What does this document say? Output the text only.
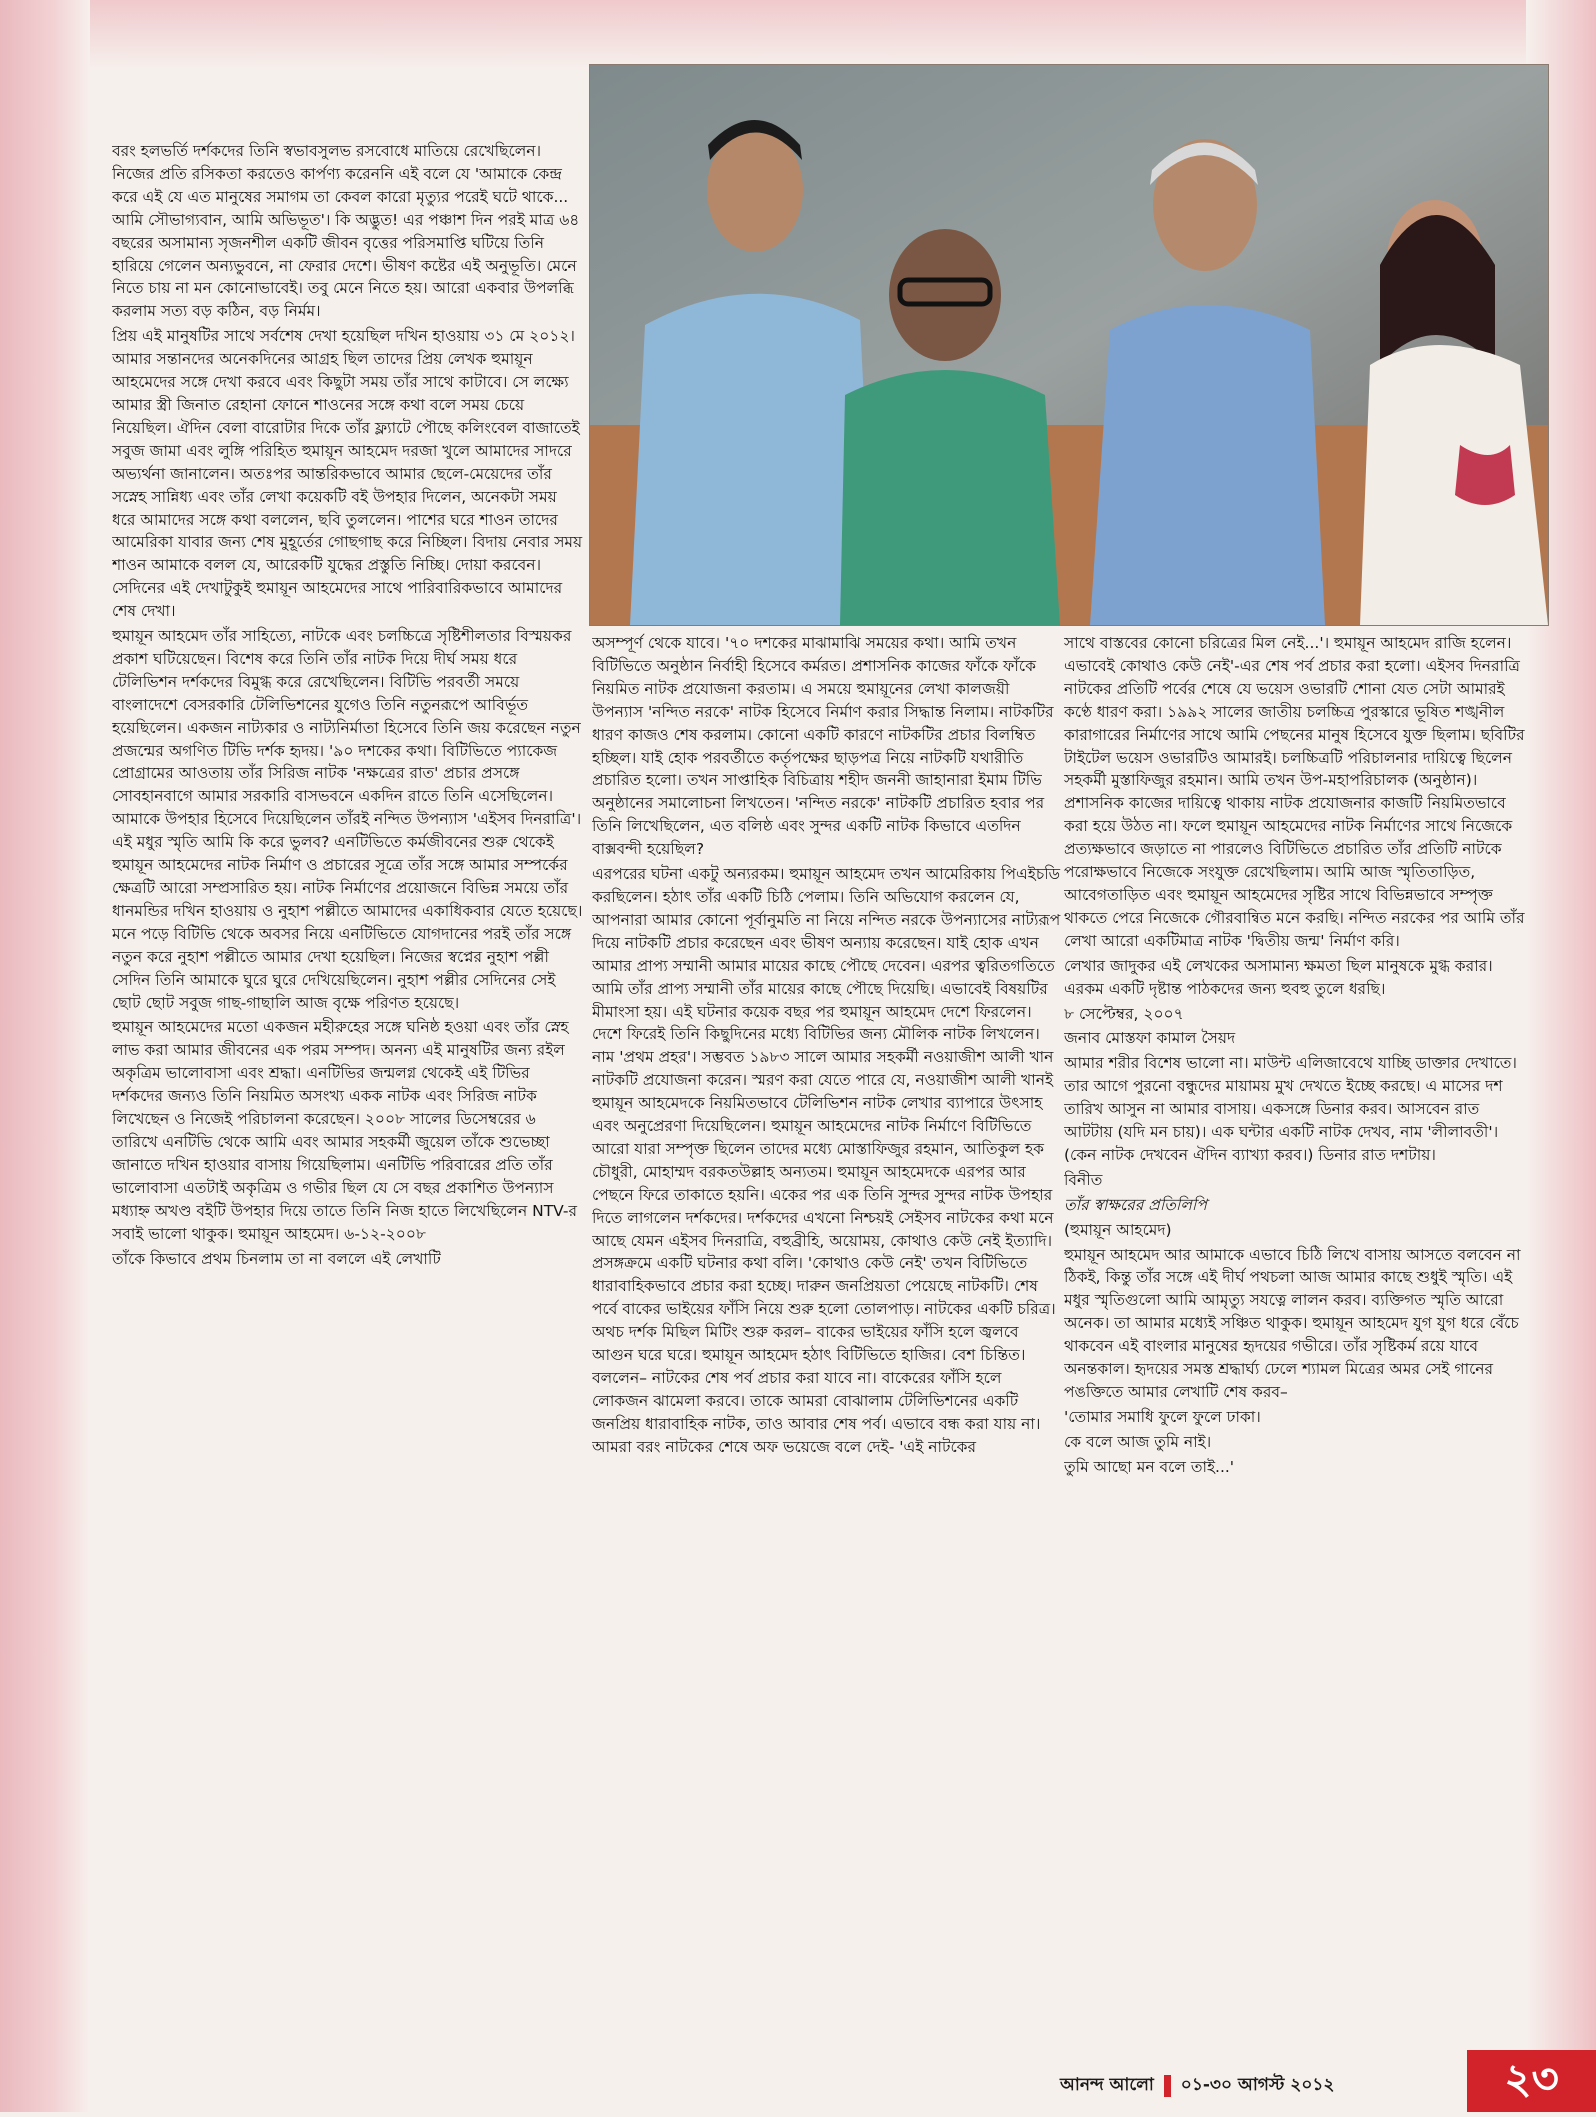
বরং হলভর্তি দর্শকদের তিনি স্বভাবসুলভ রসবোধে মাতিয়ে রেখেছিলেন। নিজের প্রতি রসিকতা করতেও কার্পণ্য করেননি এই বলে যে 'আমাকে কেন্দ্র করে এই যে এত মানুষের সমাগম তা কেবল কারো মৃত্যুর পরেই ঘটে থাকে... আমি সৌভাগ্যবান, আমি অভিভূত'। কি অদ্ভুত! এর পঞ্চাশ দিন পরই মাত্র ৬৪ বছরের অসামান্য সৃজনশীল একটি জীবন বৃত্তের পরিসমাপ্তি ঘটিয়ে তিনি হারিয়ে গেলেন অন্যভুবনে, না ফেরার দেশে। ভীষণ কষ্টের এই অনুভূতি। মেনে নিতে চায় না মন কোনোভাবেই। তবু মেনে নিতে হয়। আরো একবার উপলব্ধি করলাম সত্য বড় কঠিন, বড় নির্মম।

প্রিয় এই মানুষটির সাথে সর্বশেষ দেখা হয়েছিল দখিন হাওয়ায় ৩১ মে ২০১২। আমার সন্তানদের অনেকদিনের আগ্রহ ছিল তাদের প্রিয় লেখক হুমায়ূন আহমেদের সঙ্গে দেখা করবে এবং কিছুটা সময় তাঁর সাথে কাটাবে। সে লক্ষ্যে আমার স্ত্রী জিনাত রেহানা ফোনে শাওনের সঙ্গে কথা বলে সময় চেয়ে নিয়েছিল। ঐদিন বেলা বারোটার দিকে তাঁর ফ্ল্যাটে পৌছে কলিংবেল বাজাতেই সবুজ জামা এবং লুঙ্গি পরিহিত হুমায়ূন আহমেদ দরজা খুলে আমাদের সাদরে অভ্যর্থনা জানালেন। অতঃপর আন্তরিকভাবে আমার ছেলে-মেয়েদের তাঁর সস্নেহ সান্নিধ্য এবং তাঁর লেখা কয়েকটি বই উপহার দিলেন, অনেকটা সময় ধরে আমাদের সঙ্গে কথা বললেন, ছবি তুললেন। পাশের ঘরে শাওন তাদের আমেরিকা যাবার জন্য শেষ মুহূর্তের গোছগাছ করে নিচ্ছিল। বিদায় নেবার সময় শাওন আমাকে বলল যে, আরেকটি যুদ্ধের প্রস্তুতি নিচ্ছি। দোয়া করবেন। সেদিনের এই দেখাটুকুই হুমায়ূন আহমেদের সাথে পারিবারিকভাবে আমাদের শেষ দেখা।

হুমায়ূন আহমেদ তাঁর সাহিত্যে, নাটকে এবং চলচ্চিত্রে সৃষ্টিশীলতার বিস্ময়কর প্রকাশ ঘটিয়েছেন। বিশেষ করে তিনি তাঁর নাটক দিয়ে দীর্ঘ সময় ধরে টেলিভিশন দর্শকদের বিমুগ্ধ করে রেখেছিলেন। বিটিভি পরবর্তী সময়ে বাংলাদেশে বেসরকারি টেলিভিশনের যুগেও তিনি নতুনরূপে আবির্ভূত হয়েছিলেন। একজন নাট্যকার ও নাট্যনির্মাতা হিসেবে তিনি জয় করেছেন নতুন প্রজন্মের অগণিত টিভি দর্শক হৃদয়। '৯০ দশকের কথা। বিটিভিতে প্যাকেজ প্রোগ্রামের আওতায় তাঁর সিরিজ নাটক 'নক্ষত্রের রাত' প্রচার প্রসঙ্গে সোবহানবাগে আমার সরকারি বাসভবনে একদিন রাতে তিনি এসেছিলেন। আমাকে উপহার হিসেবে দিয়েছিলেন তাঁরই নন্দিত উপন্যাস 'এইসব দিনরাত্রি'। এই মধুর স্মৃতি আমি কি করে ভুলব? এনটিভিতে কর্মজীবনের শুরু থেকেই হুমায়ূন আহমেদের নাটক নির্মাণ ও প্রচারের সূত্রে তাঁর সঙ্গে আমার সম্পর্কের ক্ষেত্রটি আরো সম্প্রসারিত হয়। নাটক নির্মাণের প্রয়োজনে বিভিন্ন সময়ে তাঁর ধানমন্ডির দখিন হাওয়ায় ও নুহাশ পল্লীতে আমাদের একাধিকবার যেতে হয়েছে। মনে পড়ে বিটিভি থেকে অবসর নিয়ে এনটিভিতে যোগদানের পরই তাঁর সঙ্গে নতুন করে নুহাশ পল্লীতে আমার দেখা হয়েছিল। নিজের স্বপ্নের নুহাশ পল্লী সেদিন তিনি আমাকে ঘুরে ঘুরে দেখিয়েছিলেন। নুহাশ পল্লীর সেদিনের সেই ছোট ছোট সবুজ গাছ-গাছালি আজ বৃক্ষে পরিণত হয়েছে।

হুমায়ূন আহমেদের মতো একজন মহীরুহের সঙ্গে ঘনিষ্ঠ হওয়া এবং তাঁর স্নেহ লাভ করা আমার জীবনের এক পরম সম্পদ। অনন্য এই মানুষটির জন্য রইল অকৃত্রিম ভালোবাসা এবং শ্রদ্ধা। এনটিভির জন্মলগ্ন থেকেই এই টিভির দর্শকদের জন্যও তিনি নিয়মিত অসংখ্য একক নাটক এবং সিরিজ নাটক লিখেছেন ও নিজেই পরিচালনা করেছেন। ২০০৮ সালের ডিসেম্বরের ৬ তারিখে এনটিভি থেকে আমি এবং আমার সহকর্মী জুয়েল তাঁকে শুভেচ্ছা জানাতে দখিন হাওয়ার বাসায় গিয়েছিলাম। এনটিভি পরিবারের প্রতি তাঁর ভালোবাসা এতটাই অকৃত্রিম ও গভীর ছিল যে সে বছর প্রকাশিত উপন্যাস মধ্যাহ্ন অখণ্ড বইটি উপহার দিয়ে তাতে তিনি নিজ হাতে লিখেছিলেন NTV-র সবাই ভালো থাকুক। হুমায়ূন আহমেদ। ৬-১২-২০০৮

তাঁকে কিভাবে প্রথম চিনলাম তা না বললে এই লেখাটি

অসম্পূর্ণ থেকে যাবে। '৭০ দশকের মাঝামাঝি সময়ের কথা। আমি তখন বিটিভিতে অনুষ্ঠান নির্বাহী হিসেবে কর্মরত। প্রশাসনিক কাজের ফাঁকে ফাঁকে নিয়মিত নাটক প্রযোজনা করতাম। এ সময়ে হুমায়ূনের লেখা কালজয়ী উপন্যাস 'নন্দিত নরকে' নাটক হিসেবে নির্মাণ করার সিদ্ধান্ত নিলাম। নাটকটির ধারণ কাজও শেষ করলাম। কোনো একটি কারণে নাটকটির প্রচার বিলম্বিত হচ্ছিল। যাই হোক পরবর্তীতে কর্তৃপক্ষের ছাড়পত্র নিয়ে নাটকটি যথারীতি প্রচারিত হলো। তখন সাপ্তাহিক বিচিত্রায় শহীদ জননী জাহানারা ইমাম টিভি অনুষ্ঠানের সমালোচনা লিখতেন। 'নন্দিত নরকে' নাটকটি প্রচারিত হবার পর তিনি লিখেছিলেন, এত বলিষ্ঠ এবং সুন্দর একটি নাটক কিভাবে এতদিন বাক্সবন্দী হয়েছিল?

এরপরের ঘটনা একটু অন্যরকম। হুমায়ূন আহমেদ তখন আমেরিকায় পিএইচডি করছিলেন। হঠাৎ তাঁর একটি চিঠি পেলাম। তিনি অভিযোগ করলেন যে, আপনারা আমার কোনো পূর্বানুমতি না নিয়ে নন্দিত নরকে উপন্যাসের নাট্যরূপ দিয়ে নাটকটি প্রচার করেছেন এবং ভীষণ অন্যায় করেছেন। যাই হোক এখন আমার প্রাপ্য সম্মানী আমার মায়ের কাছে পৌছে দেবেন। এরপর ত্বরিতগতিতে আমি তাঁর প্রাপ্য সম্মানী তাঁর মায়ের কাছে পৌছে দিয়েছি। এভাবেই বিষয়টির মীমাংসা হয়। এই ঘটনার কয়েক বছর পর হুমায়ূন আহমেদ দেশে ফিরলেন। দেশে ফিরেই তিনি কিছুদিনের মধ্যে বিটিভির জন্য মৌলিক নাটক লিখলেন। নাম 'প্রথম প্রহর'। সম্ভবত ১৯৮৩ সালে আমার সহকর্মী নওয়াজীশ আলী খান নাটকটি প্রযোজনা করেন। স্মরণ করা যেতে পারে যে, নওয়াজীশ আলী খানই হুমায়ূন আহমেদকে নিয়মিতভাবে টেলিভিশন নাটক লেখার ব্যাপারে উৎসাহ এবং অনুপ্রেরণা দিয়েছিলেন। হুমায়ূন আহমেদের নাটক নির্মাণে বিটিভিতে আরো যারা সম্পৃক্ত ছিলেন তাদের মধ্যে মোস্তাফিজুর রহমান, আতিকুল হক চৌধুরী, মোহাম্মদ বরকতউল্লাহ অন্যতম। হুমায়ূন আহমেদকে এরপর আর পেছনে ফিরে তাকাতে হয়নি। একের পর এক তিনি সুন্দর সুন্দর নাটক উপহার দিতে লাগলেন দর্শকদের। দর্শকদের এখনো নিশ্চয়ই সেইসব নাটকের কথা মনে আছে যেমন এইসব দিনরাত্রি, বহুব্রীহি, অয়োময়, কোথাও কেউ নেই ইত্যাদি। প্রসঙ্গক্রমে একটি ঘটনার কথা বলি। 'কোথাও কেউ নেই' তখন বিটিভিতে ধারাবাহিকভাবে প্রচার করা হচ্ছে। দারুন জনপ্রিয়তা পেয়েছে নাটকটি। শেষ পর্বে বাকের ভাইয়ের ফাঁসি নিয়ে শুরু হলো তোলপাড়। নাটকের একটি চরিত্র। অথচ দর্শক মিছিল মিটিং শুরু করল– বাকের ভাইয়ের ফাঁসি হলে জ্বলবে আগুন ঘরে ঘরে। হুমায়ূন আহমেদ হঠাৎ বিটিভিতে হাজির। বেশ চিন্তিত। বললেন– নাটকের শেষ পর্ব প্রচার করা যাবে না। বাকেরের ফাঁসি হলে লোকজন ঝামেলা করবে। তাকে আমরা বোঝালাম টেলিভিশনের একটি জনপ্রিয় ধারাবাহিক নাটক, তাও আবার শেষ পর্ব। এভাবে বন্ধ করা যায় না। আমরা বরং নাটকের শেষে অফ ভয়েজে বলে দেই- 'এই নাটকের

সাথে বাস্তবের কোনো চরিত্রের মিল নেই...'। হুমায়ূন আহমেদ রাজি হলেন। এভাবেই কোথাও কেউ নেই'-এর শেষ পর্ব প্রচার করা হলো। এইসব দিনরাত্রি নাটকের প্রতিটি পর্বের শেষে যে ভয়েস ওভারটি শোনা যেত সেটা আমারই কণ্ঠে ধারণ করা। ১৯৯২ সালের জাতীয় চলচ্চিত্র পুরস্কারে ভূষিত শঙ্খনীল কারাগারের নির্মাণের সাথে আমি পেছনের মানুষ হিসেবে যুক্ত ছিলাম। ছবিটির টাইটেল ভয়েস ওভারটিও আমারই। চলচ্চিত্রটি পরিচালনার দায়িত্বে ছিলেন সহকর্মী মুস্তাফিজুর রহমান। আমি তখন উপ-মহাপরিচালক (অনুষ্ঠান)। প্রশাসনিক কাজের দায়িত্বে থাকায় নাটক প্রযোজনার কাজটি নিয়মিতভাবে করা হয়ে উঠত না। ফলে হুমায়ূন আহমেদের নাটক নির্মাণের সাথে নিজেকে প্রত্যক্ষভাবে জড়াতে না পারলেও বিটিভিতে প্রচারিত তাঁর প্রতিটি নাটকে পরোক্ষভাবে নিজেকে সংযুক্ত রেখেছিলাম। আমি আজ স্মৃতিতাড়িত, আবেগতাড়িত এবং হুমায়ূন আহমেদের সৃষ্টির সাথে বিভিন্নভাবে সম্পৃক্ত থাকতে পেরে নিজেকে গৌরবান্বিত মনে করছি। নন্দিত নরকের পর আমি তাঁর লেখা আরো একটিমাত্র নাটক 'দ্বিতীয় জন্ম' নির্মাণ করি।

লেখার জাদুকর এই লেখকের অসামান্য ক্ষমতা ছিল মানুষকে মুগ্ধ করার। এরকম একটি দৃষ্টান্ত পাঠকদের জন্য হুবহু তুলে ধরছি।

৮ সেপ্টেম্বর, ২০০৭

জনাব মোস্তফা কামাল সৈয়দ

আমার শরীর বিশেষ ভালো না। মাউন্ট এলিজাবেথে যাচ্ছি ডাক্তার দেখাতে। তার আগে পুরনো বন্ধুদের মায়াময় মুখ দেখতে ইচ্ছে করছে। এ মাসের দশ তারিখ আসুন না আমার বাসায়। একসঙ্গে ডিনার করব। আসবেন রাত আটটায় (যদি মন চায়)। এক ঘন্টার একটি নাটক দেখব, নাম 'লীলাবতী'। (কেন নাটক দেখবেন ঐদিন ব্যাখ্যা করব।) ডিনার রাত দশটায়।

বিনীত

তাঁর স্বাক্ষরের প্রতিলিপি

(হুমায়ূন আহমেদ)

হুমায়ূন আহমেদ আর আমাকে এভাবে চিঠি লিখে বাসায় আসতে বলবেন না ঠিকই, কিন্তু তাঁর সঙ্গে এই দীর্ঘ পথচলা আজ আমার কাছে শুধুই স্মৃতি। এই মধুর স্মৃতিগুলো আমি আমৃত্যু সযত্নে লালন করব। ব্যক্তিগত স্মৃতি আরো অনেক। তা আমার মধ্যেই সঞ্চিত থাকুক। হুমায়ূন আহমেদ যুগ যুগ ধরে বেঁচে থাকবেন এই বাংলার মানুষের হৃদয়ের গভীরে। তাঁর সৃষ্টিকর্ম রয়ে যাবে অনন্তকাল। হৃদয়ের সমস্ত শ্রদ্ধার্ঘ্য ঢেলে শ্যামল মিত্রের অমর সেই গানের পঙক্তিতে আমার লেখাটি শেষ করব–

'তোমার সমাধি ফুলে ফুলে ঢাকা।

কে বলে আজ তুমি নাই।

তুমি আছো মন বলে তাই...'

আনন্দ আলো ০১-৩০ আগস্ট ২০১২	২৩
